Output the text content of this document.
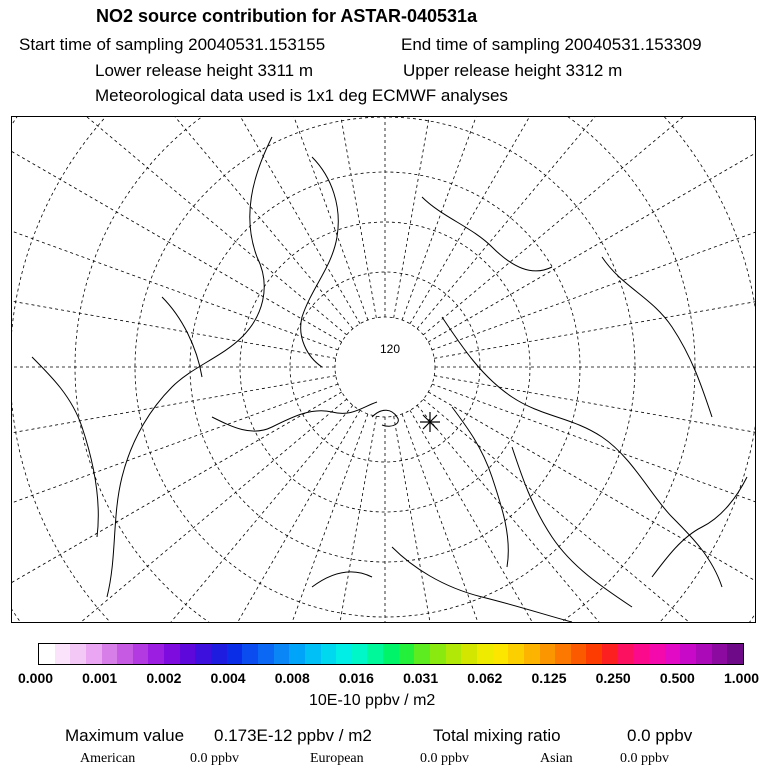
NO2 source contribution for ASTAR-040531a
Start time of sampling 20040531.153155	End time of sampling 20040531.153309
Lower release height 3311 m	Upper release height 3312 m
Meteorological data used is 1x1 deg ECMWF analyses
120
0.000 0.001 0.002 0.004 0.008 0.016 0.031 0.062 0.125 0.250 0.500 1.000
10E-10 ppbv / m2
Maximum value 0.173E-12 ppbv / m2	Total mixing ratio	0.0 ppbv
American	0.0 ppbv	European	0.0 ppbv	Asian	0.0 ppbv
